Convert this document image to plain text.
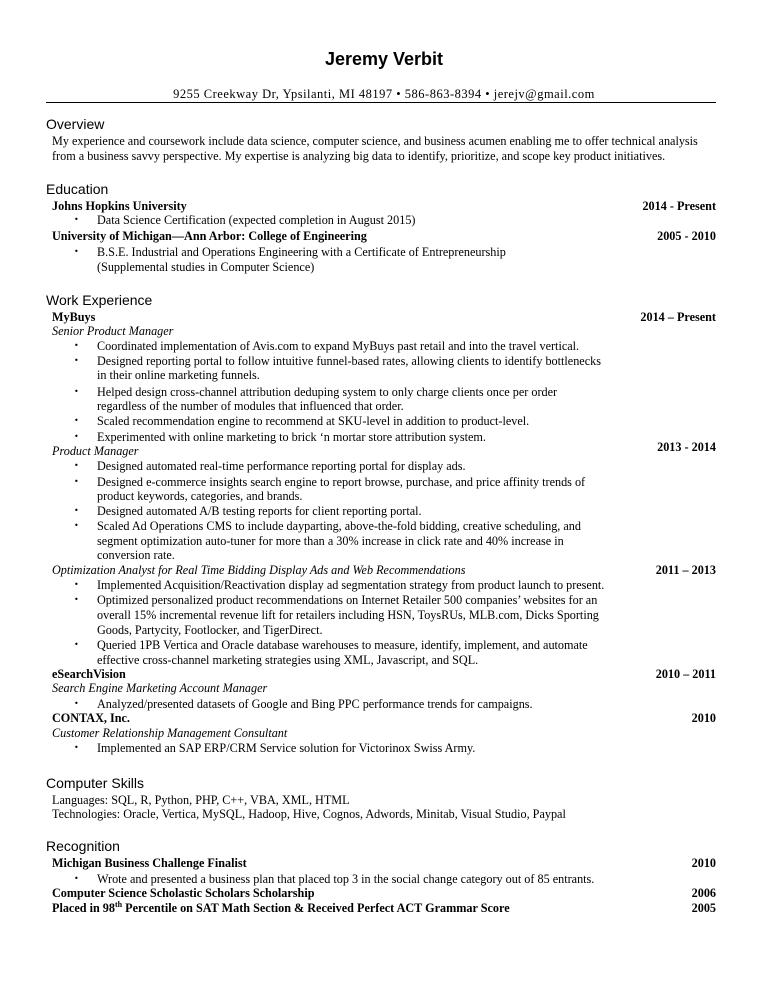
Jeremy Verbit
9255 Creekway Dr, Ypsilanti, MI 48197 • 586-863-8394 • jerejv@gmail.com
Overview
My experience and coursework include data science, computer science, and business acumen enabling me to offer technical analysis
from a business savvy perspective. My expertise is analyzing big data to identify, prioritize, and scope key product initiatives.
Education
Johns Hopkins University	2014 - Present
• Data Science Certification (expected completion in August 2015)
University of Michigan—Ann Arbor: College of Engineering	2005 - 2010
• B.S.E. Industrial and Operations Engineering with a Certificate of Entrepreneurship
(Supplemental studies in Computer Science)
Work Experience
MyBuys	2014 – Present
Senior Product Manager
• Coordinated implementation of Avis.com to expand MyBuys past retail and into the travel vertical.
• Designed reporting portal to follow intuitive funnel-based rates, allowing clients to identify bottlenecks
in their online marketing funnels.
• Helped design cross-channel attribution deduping system to only charge clients once per order
regardless of the number of modules that influenced that order.
• Scaled recommendation engine to recommend at SKU-level in addition to product-level.
• Experimented with online marketing to brick ‘n mortar store attribution system.
Product Manager	2013 - 2014
• Designed automated real-time performance reporting portal for display ads.
• Designed e-commerce insights search engine to report browse, purchase, and price affinity trends of
product keywords, categories, and brands.
• Designed automated A/B testing reports for client reporting portal.
• Scaled Ad Operations CMS to include dayparting, above-the-fold bidding, creative scheduling, and
segment optimization auto-tuner for more than a 30% increase in click rate and 40% increase in
conversion rate.
Optimization Analyst for Real Time Bidding Display Ads and Web Recommendations	2011 – 2013
• Implemented Acquisition/Reactivation display ad segmentation strategy from product launch to present.
• Optimized personalized product recommendations on Internet Retailer 500 companies’ websites for an
overall 15% incremental revenue lift for retailers including HSN, ToysRUs, MLB.com, Dicks Sporting
Goods, Partycity, Footlocker, and TigerDirect.
• Queried 1PB Vertica and Oracle database warehouses to measure, identify, implement, and automate
effective cross-channel marketing strategies using XML, Javascript, and SQL.
eSearchVision	2010 – 2011
Search Engine Marketing Account Manager
• Analyzed/presented datasets of Google and Bing PPC performance trends for campaigns.
CONTAX, Inc.	2010
Customer Relationship Management Consultant
• Implemented an SAP ERP/CRM Service solution for Victorinox Swiss Army.
Computer Skills
Languages: SQL, R, Python, PHP, C++, VBA, XML, HTML
Technologies: Oracle, Vertica, MySQL, Hadoop, Hive, Cognos, Adwords, Minitab, Visual Studio, Paypal
Recognition
Michigan Business Challenge Finalist	2010
• Wrote and presented a business plan that placed top 3 in the social change category out of 85 entrants.
Computer Science Scholastic Scholars Scholarship	2006
Placed in 98th Percentile on SAT Math Section & Received Perfect ACT Grammar Score	2005
